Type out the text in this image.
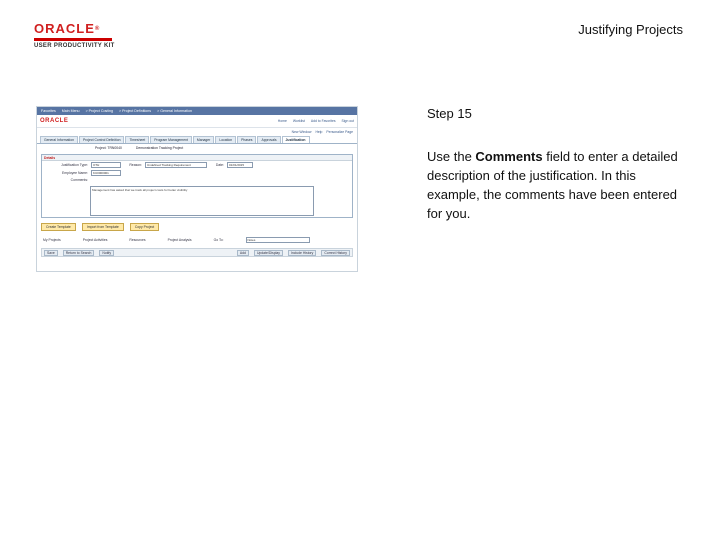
ORACLE®
USER PRODUCTIVITY KIT
Justifying Projects
Favorites Main Menu > Project Costing > Project Definitions > General Information
ORACLE	Home Worklist Add to Favorites Sign out
New Window Help Personalize Page
General Information	Project Control Definition	Timesheet	Program Management	Manager	Location	Phases	Approvals	Justification
Project: TRN0040	Demonstration Tracking Project
Details
Justification Type:	OTH	Reason:	Undefined Tracking Requirement	Date:	01/01/2015
Employee Name:	KU0000001
Comments:
Management has asked that we track all project costs for better visibility
Create Template	Import from Template	Copy Project
My Projects	Project Activities	Resources	Project Analysis	Go To:	Notes
Save	Return to Search	Notify	Add	Update/Display	Include History	Correct History
Step 15
Use the Comments field to enter a detailed description of the justification. In this example, the comments have been entered for you.
